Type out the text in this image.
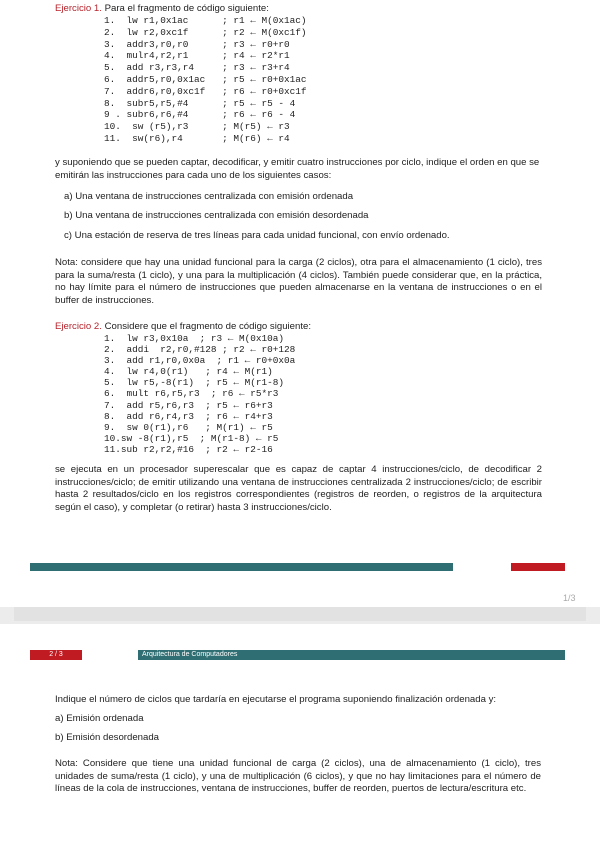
Ejercicio 1. Para el fragmento de código siguiente:

1.  lw r1,0x1ac      ; r1 ← M(0x1ac)
2.  lw r2,0xc1f      ; r2 ← M(0xc1f)
3.  addr3,r0,r0      ; r3 ← r0+r0
4.  mulr4,r2,r1      ; r4 ← r2*r1
5.  add r3,r3,r4     ; r3 ← r3+r4
6.  addr5,r0,0x1ac   ; r5 ← r0+0x1ac
7.  addr6,r0,0xc1f   ; r6 ← r0+0xc1f
8.  subr5,r5,#4      ; r5 ← r5 - 4
9 . subr6,r6,#4      ; r6 ← r6 - 4
10.  sw (r5),r3      ; M(r5) ← r3
11.  sw(r6),r4       ; M(r6) ← r4

y suponiendo que se pueden captar, decodificar, y emitir cuatro instrucciones por ciclo, indique el orden en que se emitirán las instrucciones para cada uno de los siguientes casos:

a) Una ventana de instrucciones centralizada con emisión ordenada

b) Una ventana de instrucciones centralizada con emisión desordenada

c) Una estación de reserva de tres líneas para cada unidad funcional, con envío ordenado.

Nota: considere que hay una unidad funcional para la carga (2 ciclos), otra para el almacenamiento (1 ciclo), tres para la suma/resta (1 ciclo), y una para la multiplicación (4 ciclos). También puede considerar que, en la práctica, no hay límite para el número de instrucciones que pueden almacenarse en la ventana de instrucciones o en el buffer de instrucciones.

Ejercicio 2. Considere que el fragmento de código siguiente:

1.  lw r3,0x10a  ; r3 ← M(0x10a)
2.  addi  r2,r0,#128 ; r2 ← r0+128
3.  add r1,r0,0x0a  ; r1 ← r0+0x0a
4.  lw r4,0(r1)   ; r4 ← M(r1)
5.  lw r5,-8(r1)  ; r5 ← M(r1-8)
6.  mult r6,r5,r3  ; r6 ← r5*r3
7.  add r5,r6,r3  ; r5 ← r6+r3
8.  add r6,r4,r3  ; r6 ← r4+r3
9.  sw 0(r1),r6   ; M(r1) ← r5
10.sw -8(r1),r5  ; M(r1-8) ← r5
11.sub r2,r2,#16  ; r2 ← r2-16

se ejecuta en un procesador superescalar que es capaz de captar 4 instrucciones/ciclo, de decodificar 2 instrucciones/ciclo; de emitir utilizando una ventana de instrucciones centralizada 2 instrucciones/ciclo; de escribir hasta 2 resultados/ciclo en los registros correspondientes (registros de reorden, o registros de la arquitectura según el caso), y completar (o retirar) hasta 3 instrucciones/ciclo.

1/3
2 / 3	Arquitectura de Computadores

Indique el número de ciclos que tardaría en ejecutarse el programa suponiendo finalización ordenada y:

a) Emisión ordenada

b) Emisión desordenada

Nota: Considere que tiene una unidad funcional de carga (2 ciclos), una de almacenamiento (1 ciclo), tres unidades de suma/resta (1 ciclo), y una de multiplicación (6 ciclos), y que no hay limitaciones para el número de líneas de la cola de instrucciones, ventana de instrucciones, buffer de reorden, puertos de lectura/escritura etc.
